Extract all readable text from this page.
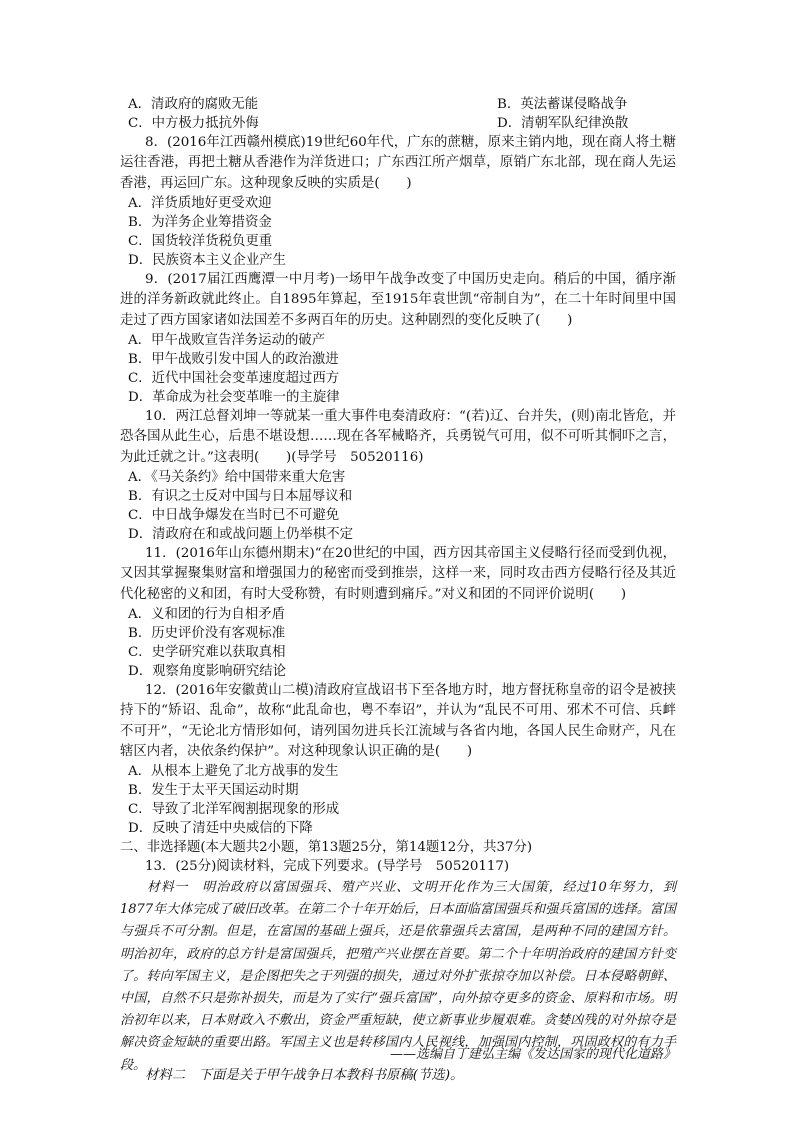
A．清政府的腐败无能	B．英法蓄谋侵略战争
C．中方极力抵抗外侮	D．清朝军队纪律涣散

8．(2016年江西赣州模底)19世纪60年代，广东的蔗糖，原来主销内地，现在商人将土糖运往香港，再把土糖从香港作为洋货进口；广东西江所产烟草，原销广东北部，现在商人先运香港，再运回广东。这种现象反映的实质是(　　)

A．洋货质地好更受欢迎
B．为洋务企业筹措资金
C．国货较洋货税负更重
D．民族资本主义企业产生

9．(2017届江西鹰潭一中月考)一场甲午战争改变了中国历史走向。稍后的中国，循序渐进的洋务新政就此终止。自1895年算起，至1915年袁世凯“帝制自为”，在二十年时间里中国走过了西方国家诸如法国差不多两百年的历史。这种剧烈的变化反映了(　　)

A．甲午战败宣告洋务运动的破产
B．甲午战败引发中国人的政治激进
C．近代中国社会变革速度超过西方
D．革命成为社会变革唯一的主旋律

10．两江总督刘坤一等就某一重大事件电奏清政府：“(若)辽、台并失，(则)南北皆危，并恐各国从此生心，后患不堪设想……现在各军械略齐，兵勇锐气可用，似不可听其恫吓之言，为此迁就之计。”这表明(　　)(导学号　50520116)

A．《马关条约》给中国带来重大危害
B．有识之士反对中国与日本屈辱议和
C．中日战争爆发在当时已不可避免
D．清政府在和或战问题上仍举棋不定

11．(2016年山东德州期末)“在20世纪的中国，西方因其帝国主义侵略行径而受到仇视，又因其掌握聚集财富和增强国力的秘密而受到推崇，这样一来，同时攻击西方侵略行径及其近代化秘密的义和团，有时大受称赞，有时则遭到痛斥。”对义和团的不同评价说明(　　)

A．义和团的行为自相矛盾
B．历史评价没有客观标准
C．史学研究难以获取真相
D．观察角度影响研究结论

12．(2016年安徽黄山二模)清政府宣战诏书下至各地方时，地方督抚称皇帝的诏令是被挟持下的“矫诏、乱命”，故称“此乱命也，粤不奉诏”，并认为“乱民不可用、邪术不可信、兵衅不可开”，“无论北方情形如何，请列国勿进兵长江流域与各省内地，各国人民生命财产，凡在辖区内者，决依条约保护”。对这种现象认识正确的是(　　)

A．从根本上避免了北方战事的发生
B．发生于太平天国运动时期
C．导致了北洋军阀割据现象的形成
D．反映了清廷中央威信的下降
二、非选择题(本大题共2小题，第13题25分，第14题12分，共37分)
13．(25分)阅读材料，完成下列要求。(导学号　50520117)

材料一　明治政府以富国强兵、殖产兴业、文明开化作为三大国策，经过10年努力，到1877年大体完成了破旧改革。在第二个十年开始后，日本面临富国强兵和强兵富国的选择。富国与强兵不可分割。但是，在富国的基础上强兵，还是依靠强兵去富国，是两种不同的建国方针。明治初年，政府的总方针是富国强兵，把殖产兴业摆在首要。第二个十年明治政府的建国方针变了。转向军国主义，是企图把失之于列强的损失，通过对外扩张掠夺加以补偿。日本侵略朝鲜、中国，自然不只是弥补损失，而是为了实行“强兵富国”，向外掠夺更多的资金、原料和市场。明治初年以来，日本财政入不敷出，资金严重短缺，使立新事业步履艰难。贪婪凶残的对外掠夺是解决资金短缺的重要出路。军国主义也是转移国内人民视线，加强国内控制，巩固政权的有力手段。

——选编自丁建弘主编《发达国家的现代化道路》
材料二　下面是关于甲午战争日本教科书原稿(节选)。
